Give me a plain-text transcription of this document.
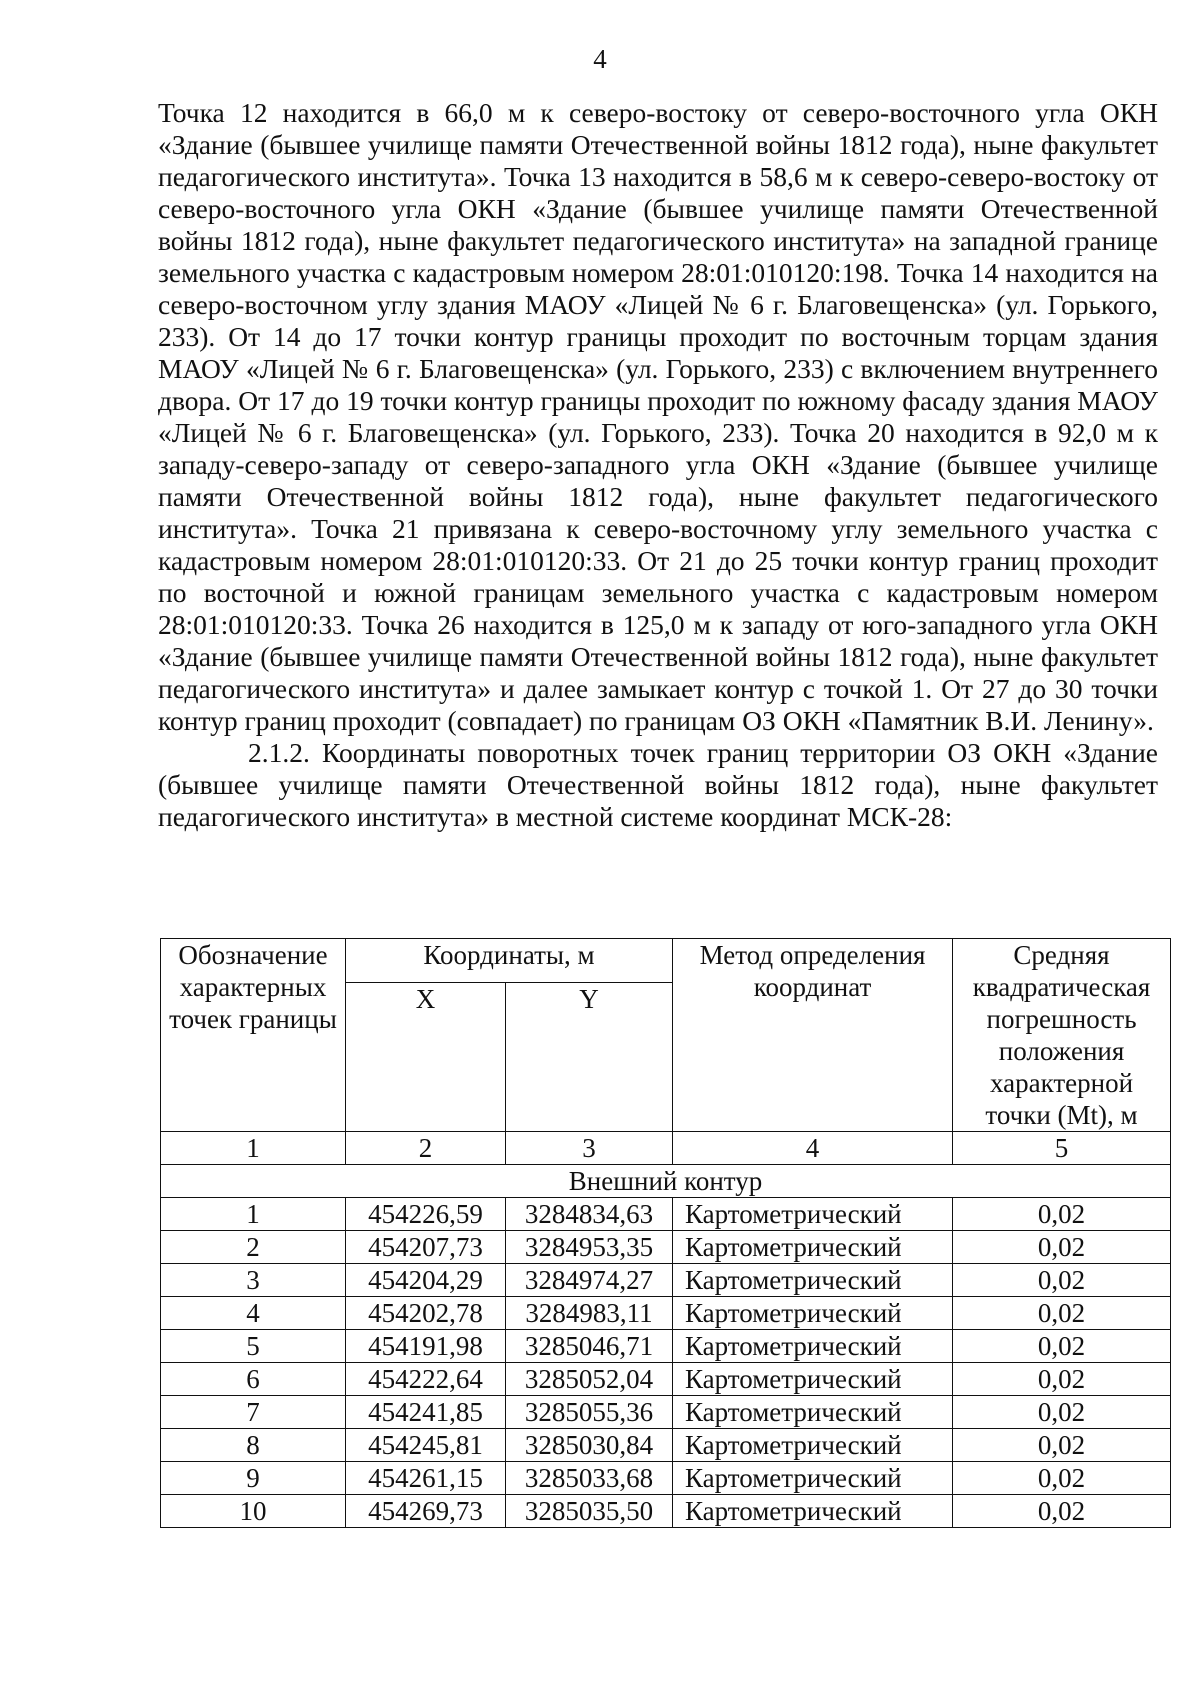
4

Точка 12 находится в 66,0 м к северо-востоку от северо-восточного угла ОКН «Здание (бывшее училище памяти Отечественной войны 1812 года), ныне факультет педагогического института». Точка 13 находится в 58,6 м к северо-северо-востоку от северо-восточного угла ОКН «Здание (бывшее училище памяти Отечественной войны 1812 года), ныне факультет педагогического института» на западной границе земельного участка с кадастровым номером 28:01:010120:198. Точка 14 находится на северо-восточном углу здания МАОУ «Лицей № 6 г. Благовещенска» (ул. Горького, 233). От 14 до 17 точки контур границы проходит по восточным торцам здания МАОУ «Лицей № 6 г. Благовещенска» (ул. Горького, 233) с включением внутреннего двора. От 17 до 19 точки контур границы проходит по южному фасаду здания МАОУ «Лицей № 6 г. Благовещенска» (ул. Горького, 233). Точка 20 находится в 92,0 м к западу-северо-западу от северо-западного угла ОКН «Здание (бывшее училище памяти Отечественной войны 1812 года), ныне факультет педагогического института». Точка 21 привязана к северо-восточному углу земельного участка с кадастровым номером 28:01:010120:33. От 21 до 25 точки контур границ проходит по восточной и южной границам земельного участка с кадастровым номером 28:01:010120:33. Точка 26 находится в 125,0 м к западу от юго-западного угла ОКН «Здание (бывшее училище памяти Отечественной войны 1812 года), ныне факультет педагогического института» и далее замыкает контур с точкой 1. От 27 до 30 точки контур границ проходит (совпадает) по границам ОЗ ОКН «Памятник В.И. Ленину».

2.1.2. Координаты поворотных точек границ территории ОЗ ОКН «Здание (бывшее училище памяти Отечественной войны 1812 года), ныне факультет педагогического института» в местной системе координат МСК-28:

Обозначение характерных точек границы	Координаты, м		Метод определения координат	Средняя квадратическая погрешность положения характерной точки (Mt), м
	X	Y		
1	2	3	4	5
Внешний контур				
1	454226,59	3284834,63	Картометрический	0,02
2	454207,73	3284953,35	Картометрический	0,02
3	454204,29	3284974,27	Картометрический	0,02
4	454202,78	3284983,11	Картометрический	0,02
5	454191,98	3285046,71	Картометрический	0,02
6	454222,64	3285052,04	Картометрический	0,02
7	454241,85	3285055,36	Картометрический	0,02
8	454245,81	3285030,84	Картометрический	0,02
9	454261,15	3285033,68	Картометрический	0,02
10	454269,73	3285035,50	Картометрический	0,02
